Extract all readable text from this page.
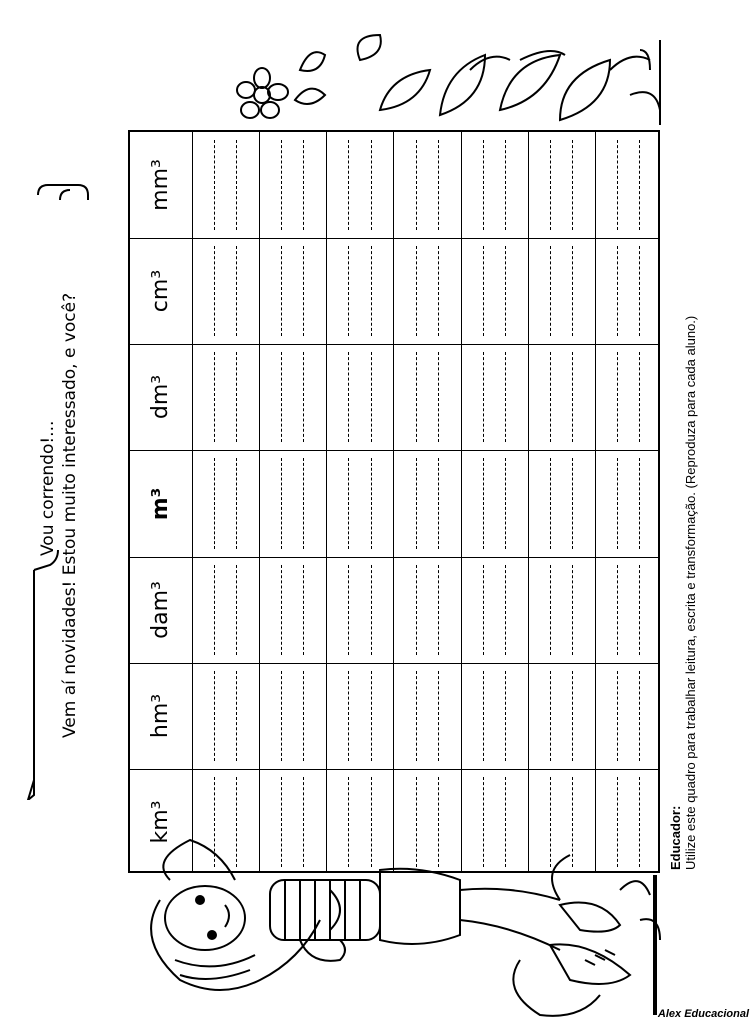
Vou correndo!... Vem aí novidades! Estou muito interessado, e você?
km³
hm³
dam³
m³
dm³
cm³
mm³
Educador: Utilize este quadro para trabalhar leitura, escrita e transformação. (Reproduza para cada aluno.)
Alex Educacional
